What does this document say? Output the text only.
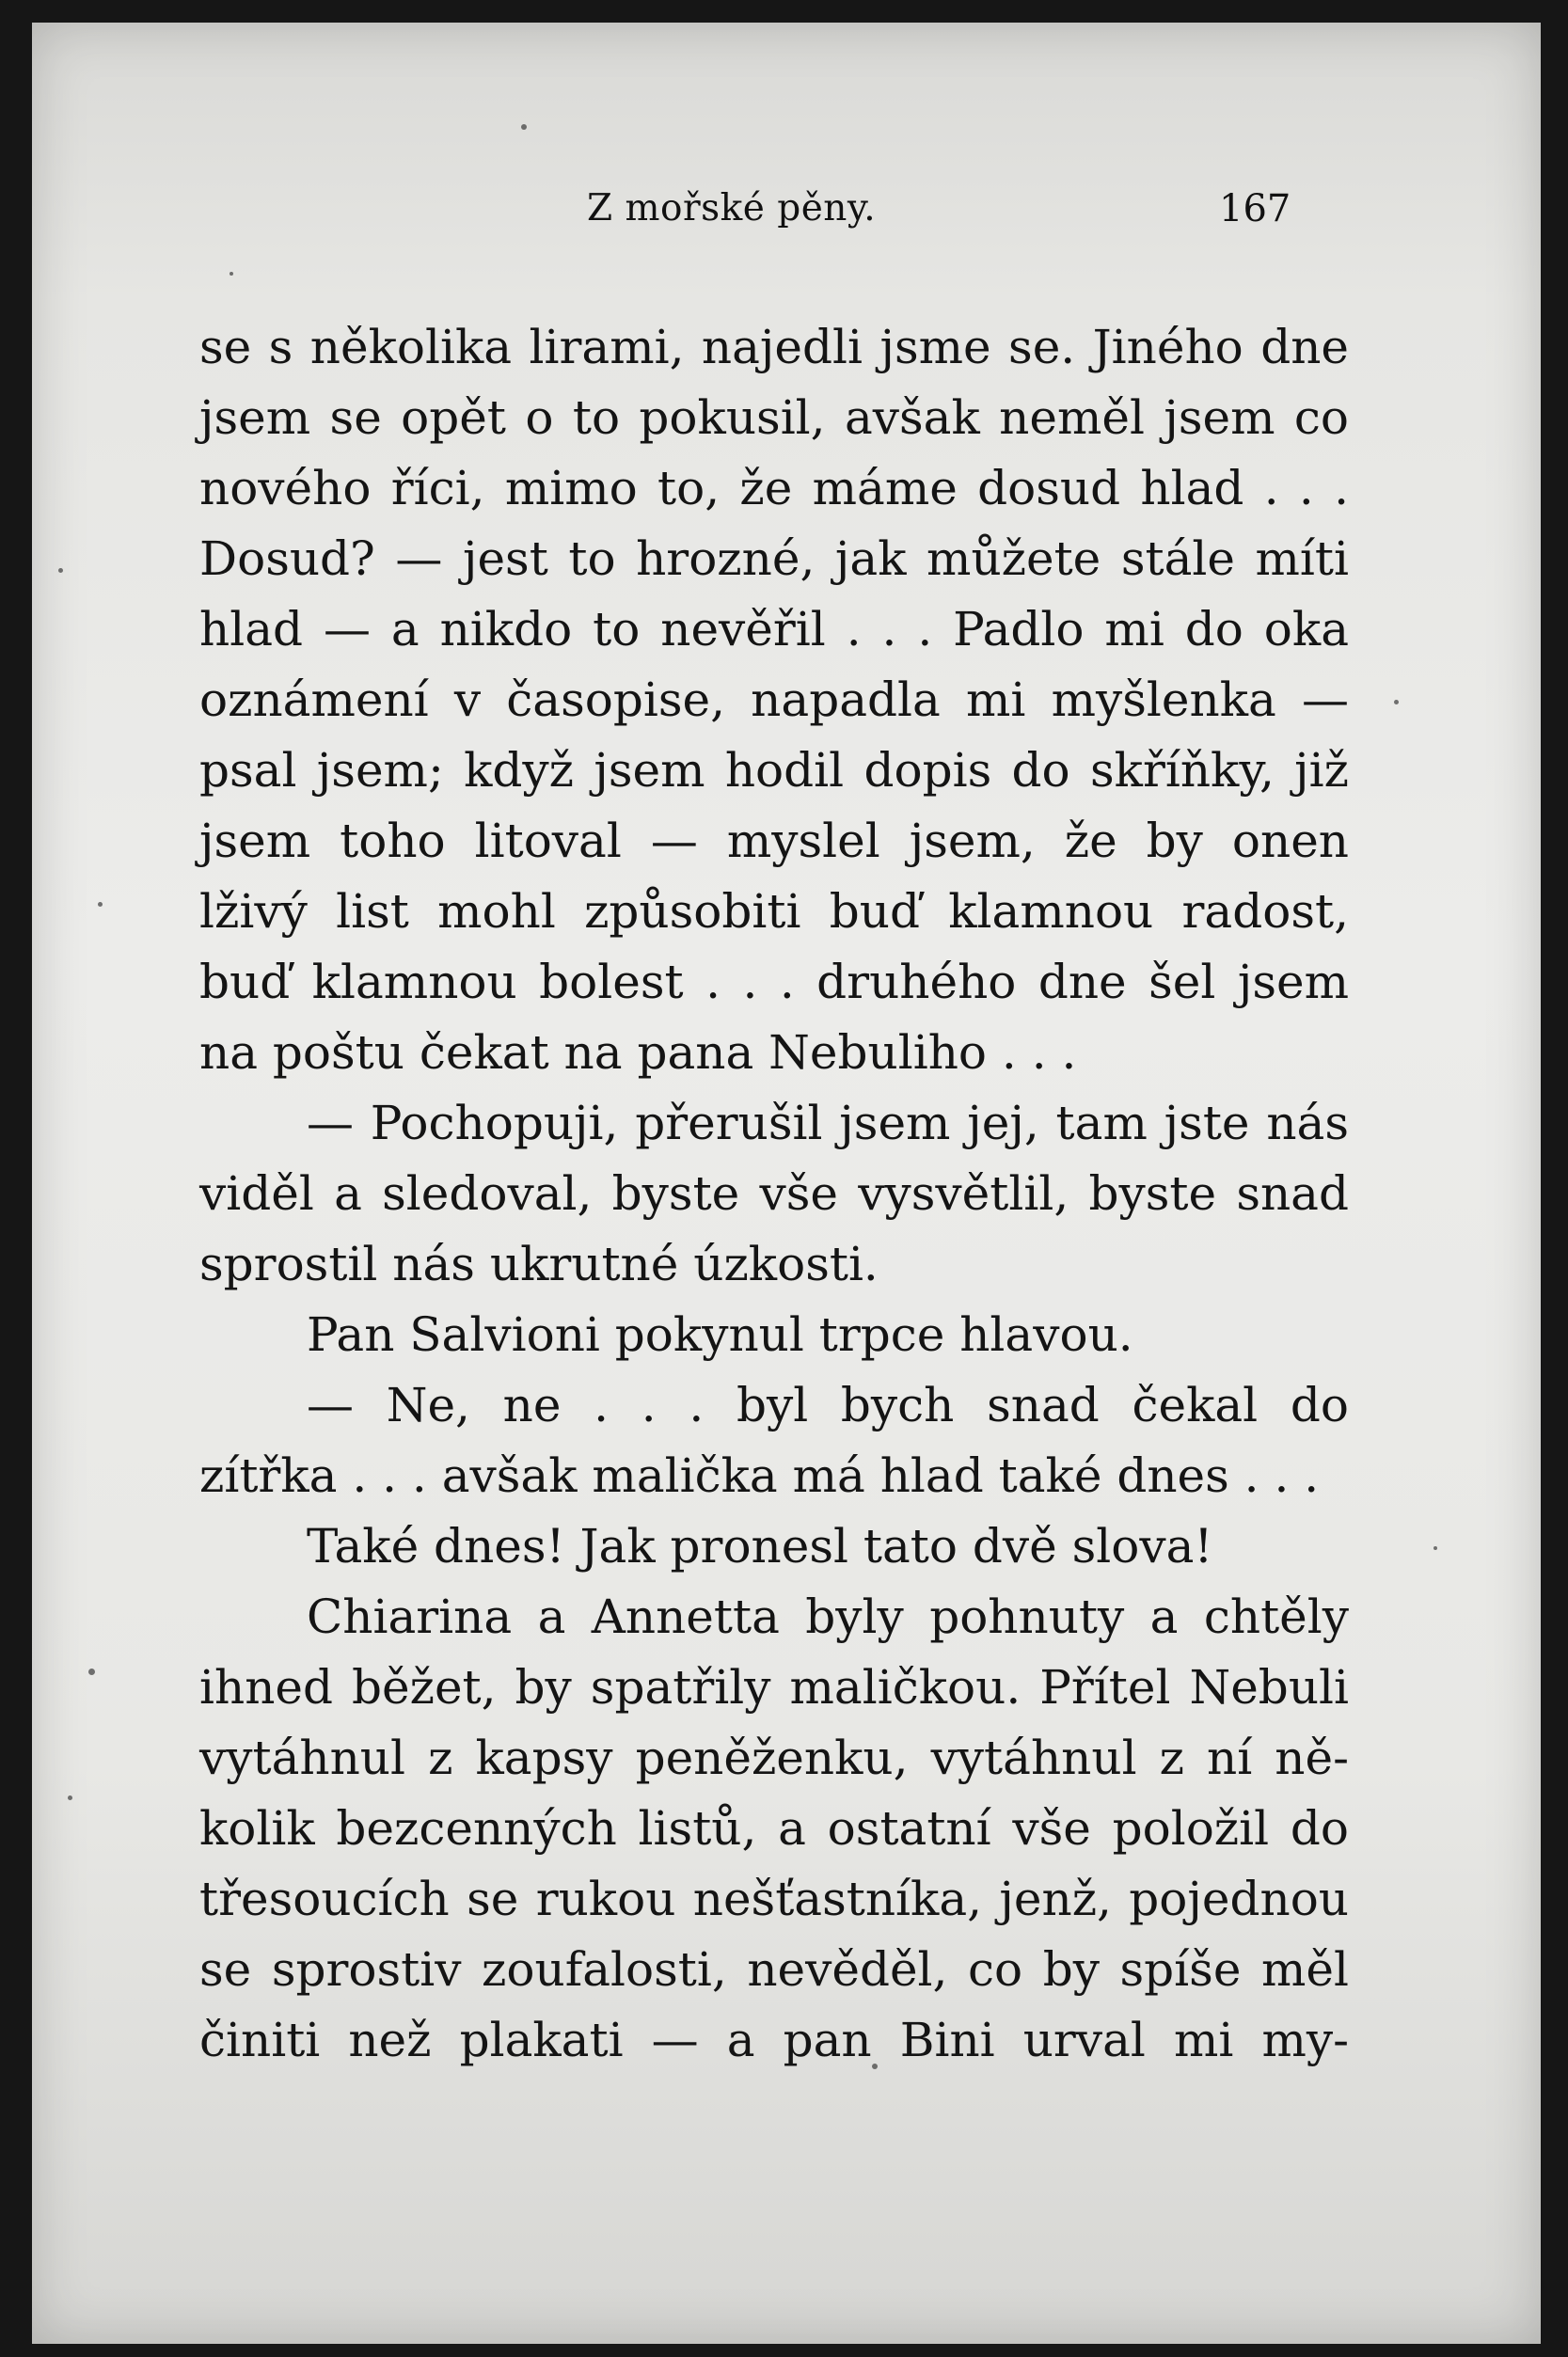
Z mořské pěny.	167
se s několika lirami, najedli jsme se. Jiného dne
jsem se opět o to pokusil, avšak neměl jsem co
nového říci, mimo to, že máme dosud hlad . . .
Dosud? — jest to hrozné, jak můžete stále míti
hlad — a nikdo to nevěřil . . . Padlo mi do oka
oznámení v časopise, napadla mi myšlenka —
psal jsem; když jsem hodil dopis do skříňky, již
jsem toho litoval — myslel jsem, že by onen
lživý list mohl způsobiti buď klamnou radost,
buď klamnou bolest . . . druhého dne šel jsem
na poštu čekat na pana Nebuliho . . .
— Pochopuji, přerušil jsem jej, tam jste nás
viděl a sledoval, byste vše vysvětlil, byste snad
sprostil nás ukrutné úzkosti.
Pan Salvioni pokynul trpce hlavou.
— Ne, ne . . . byl bych snad čekal do
zítřka . . . avšak malička má hlad také dnes . . .
Také dnes! Jak pronesl tato dvě slova!
Chiarina a Annetta byly pohnuty a chtěly
ihned běžet, by spatřily maličkou. Přítel Nebuli
vytáhnul z kapsy peněženku, vytáhnul z ní ně-
kolik bezcenných listů, a ostatní vše položil do
třesoucích se rukou nešťastníka, jenž, pojednou
se sprostiv zoufalosti, nevěděl, co by spíše měl
činiti než plakati — a pan Bini urval mi my-
